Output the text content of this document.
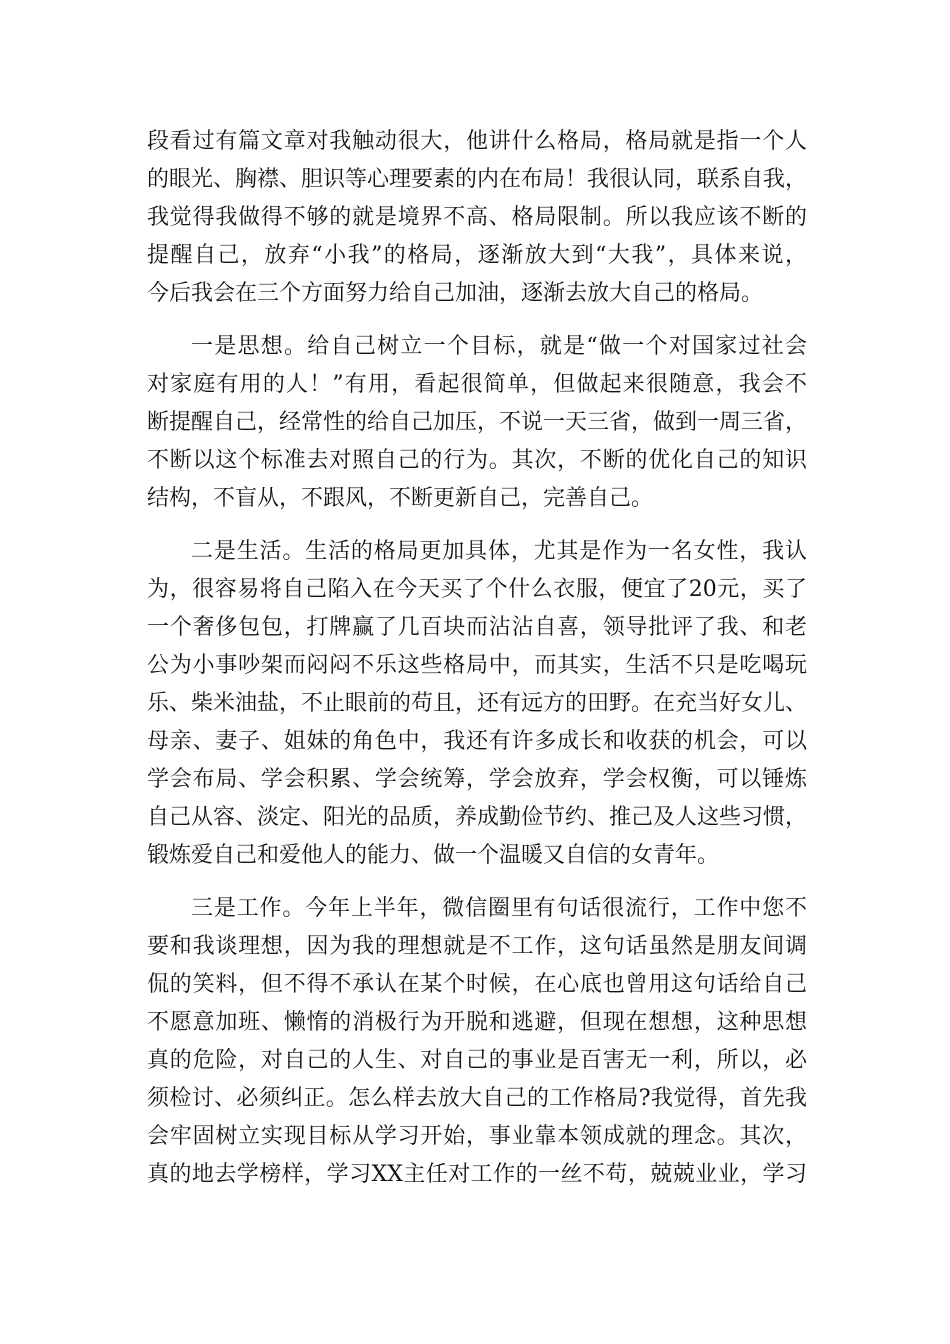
段看过有篇文章对我触动很大，他讲什么格局，格局就是指一个人
的眼光、胸襟、胆识等心理要素的内在布局！我很认同，联系自我，
我觉得我做得不够的就是境界不高、格局限制。所以我应该不断的
提醒自己，放弃“小我”的格局，逐渐放大到“大我”，具体来说，
今后我会在三个方面努力给自己加油，逐渐去放大自己的格局。
一是思想。给自己树立一个目标，就是“做一个对国家过社会
对家庭有用的人！”有用，看起很简单，但做起来很随意，我会不
断提醒自己，经常性的给自己加压，不说一天三省，做到一周三省，
不断以这个标准去对照自己的行为。其次，不断的优化自己的知识
结构，不盲从，不跟风，不断更新自己，完善自己。
二是生活。生活的格局更加具体，尤其是作为一名女性，我认
为，很容易将自己陷入在今天买了个什么衣服，便宜了20元，买了
一个奢侈包包，打牌赢了几百块而沾沾自喜，领导批评了我、和老
公为小事吵架而闷闷不乐这些格局中，而其实，生活不只是吃喝玩
乐、柴米油盐，不止眼前的苟且，还有远方的田野。在充当好女儿、
母亲、妻子、姐妹的角色中，我还有许多成长和收获的机会，可以
学会布局、学会积累、学会统筹，学会放弃，学会权衡，可以锤炼
自己从容、淡定、阳光的品质，养成勤俭节约、推己及人这些习惯，
锻炼爱自己和爱他人的能力、做一个温暖又自信的女青年。
三是工作。今年上半年，微信圈里有句话很流行，工作中您不
要和我谈理想，因为我的理想就是不工作，这句话虽然是朋友间调
侃的笑料，但不得不承认在某个时候，在心底也曾用这句话给自己
不愿意加班、懒惰的消极行为开脱和逃避，但现在想想，这种思想
真的危险，对自己的人生、对自己的事业是百害无一利，所以，必
须检讨、必须纠正。怎么样去放大自己的工作格局?我觉得，首先我
会牢固树立实现目标从学习开始，事业靠本领成就的理念。其次，
真的地去学榜样，学习XX主任对工作的一丝不苟，兢兢业业，学习
